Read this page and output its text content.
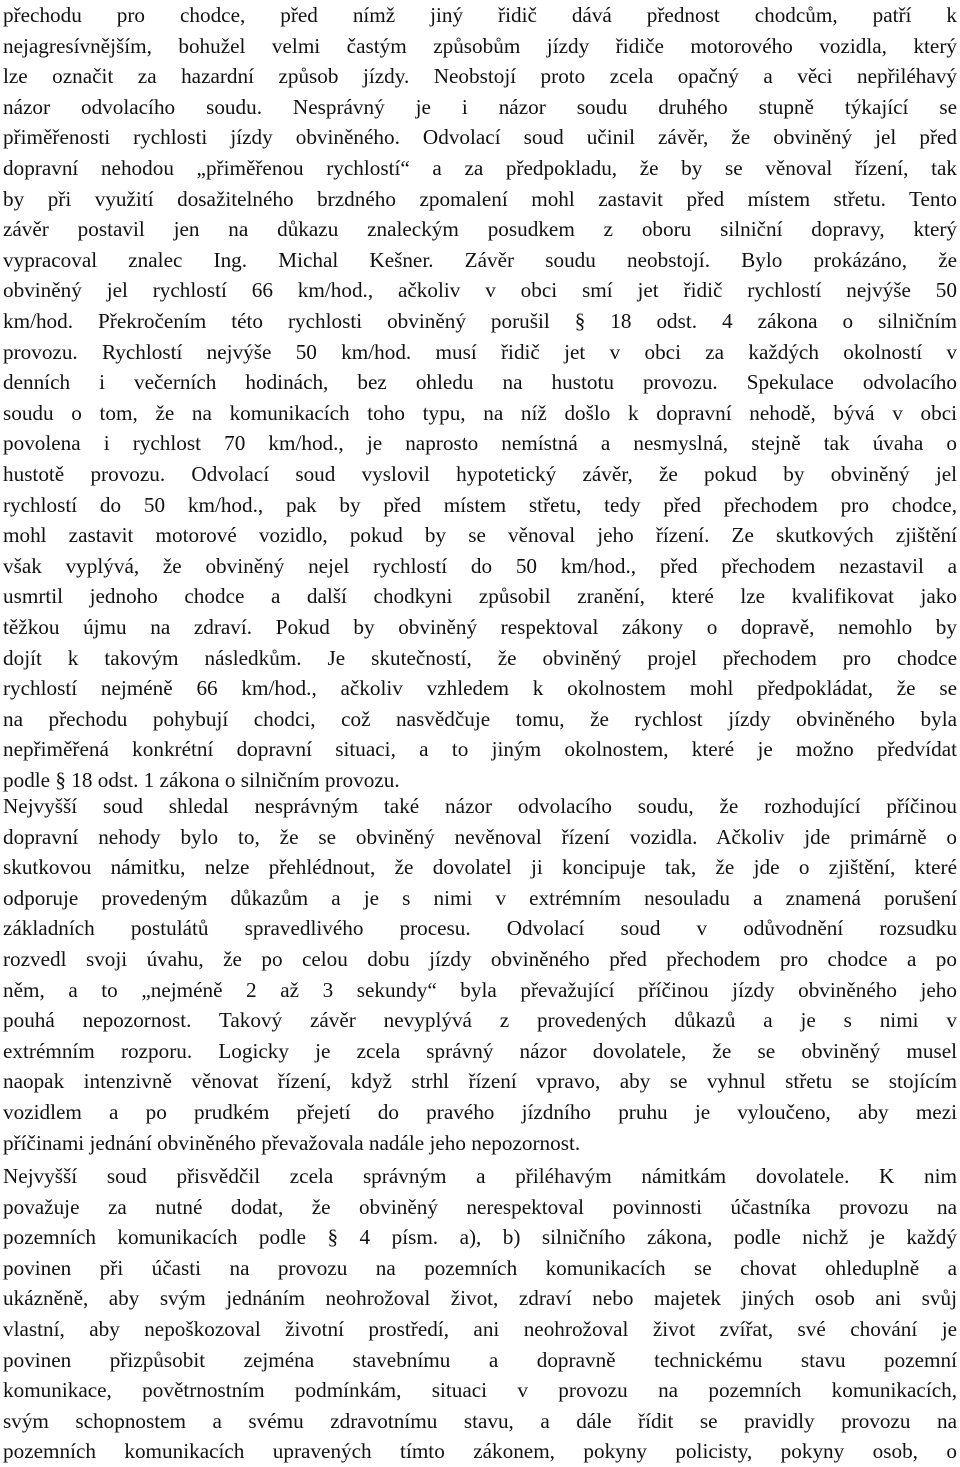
přechodu pro chodce, před nímž jiný řidič dává přednost chodcům, patří k
nejagresívnějším, bohužel velmi častým způsobům jízdy řidiče motorového vozidla, který
lze označit za hazardní způsob jízdy. Neobstojí proto zcela opačný a věci nepřiléhavý
názor odvolacího soudu. Nesprávný je i názor soudu druhého stupně týkající se
přiměřenosti rychlosti jízdy obviněného. Odvolací soud učinil závěr, že obviněný jel před
dopravní nehodou „přiměřenou rychlostí“ a za předpokladu, že by se věnoval řízení, tak
by při využití dosažitelného brzdného zpomalení mohl zastavit před místem střetu. Tento
závěr postavil jen na důkazu znaleckým posudkem z oboru silniční dopravy, který
vypracoval znalec Ing. Michal Kešner. Závěr soudu neobstojí. Bylo prokázáno, že
obviněný jel rychlostí 66 km/hod., ačkoliv v obci smí jet řidič rychlostí nejvýše 50
km/hod. Překročením této rychlosti obviněný porušil § 18 odst. 4 zákona o silničním
provozu. Rychlostí nejvýše 50 km/hod. musí řidič jet v obci za každých okolností v
denních i večerních hodinách, bez ohledu na hustotu provozu. Spekulace odvolacího
soudu o tom, že na komunikacích toho typu, na níž došlo k dopravní nehodě, bývá v obci
povolena i rychlost 70 km/hod., je naprosto nemístná a nesmyslná, stejně tak úvaha o
hustotě provozu. Odvolací soud vyslovil hypotetický závěr, že pokud by obviněný jel
rychlostí do 50 km/hod., pak by před místem střetu, tedy před přechodem pro chodce,
mohl zastavit motorové vozidlo, pokud by se věnoval jeho řízení. Ze skutkových zjištění
však vyplývá, že obviněný nejel rychlostí do 50 km/hod., před přechodem nezastavil a
usmrtil jednoho chodce a další chodkyni způsobil zranění, které lze kvalifikovat jako
těžkou újmu na zdraví. Pokud by obviněný respektoval zákony o dopravě, nemohlo by
dojít k takovým následkům. Je skutečností, že obviněný projel přechodem pro chodce
rychlostí nejméně 66 km/hod., ačkoliv vzhledem k okolnostem mohl předpokládat, že se
na přechodu pohybují chodci, což nasvědčuje tomu, že rychlost jízdy obviněného byla
nepřiměřená konkrétní dopravní situaci, a to jiným okolnostem, které je možno předvídat
podle § 18 odst. 1 zákona o silničním provozu.
Nejvyšší soud shledal nesprávným také názor odvolacího soudu, že rozhodující příčinou
dopravní nehody bylo to, že se obviněný nevěnoval řízení vozidla. Ačkoliv jde primárně o
skutkovou námitku, nelze přehlédnout, že dovolatel ji koncipuje tak, že jde o zjištění, které
odporuje provedeným důkazům a je s nimi v extrémním nesouladu a znamená porušení
základních postulátů spravedlivého procesu. Odvolací soud v odůvodnění rozsudku
rozvedl svoji úvahu, že po celou dobu jízdy obviněného před přechodem pro chodce a po
něm, a to „nejméně 2 až 3 sekundy“ byla převažující příčinou jízdy obviněného jeho
pouhá nepozornost. Takový závěr nevyplývá z provedených důkazů a je s nimi v
extrémním rozporu. Logicky je zcela správný názor dovolatele, že se obviněný musel
naopak intenzivně věnovat řízení, když strhl řízení vpravo, aby se vyhnul střetu se stojícím
vozidlem a po prudkém přejetí do pravého jízdního pruhu je vyloučeno, aby mezi
příčinami jednání obviněného převažovala nadále jeho nepozornost.
Nejvyšší soud přisvědčil zcela správným a přiléhavým námitkám dovolatele. K nim
považuje za nutné dodat, že obviněný nerespektoval povinnosti účastníka provozu na
pozemních komunikacích podle § 4 písm. a), b) silničního zákona, podle nichž je každý
povinen při účasti na provozu na pozemních komunikacích se chovat ohleduplně a
ukázněně, aby svým jednáním neohrožoval život, zdraví nebo majetek jiných osob ani svůj
vlastní, aby nepoškozoval životní prostředí, ani neohrožoval život zvířat, své chování je
povinen přizpůsobit zejména stavebnímu a dopravně technickému stavu pozemní
komunikace, povětrnostním podmínkám, situaci v provozu na pozemních komunikacích,
svým schopnostem a svému zdravotnímu stavu, a dále řídit se pravidly provozu na
pozemních komunikacích upravených tímto zákonem, pokyny policisty, pokyny osob, o
